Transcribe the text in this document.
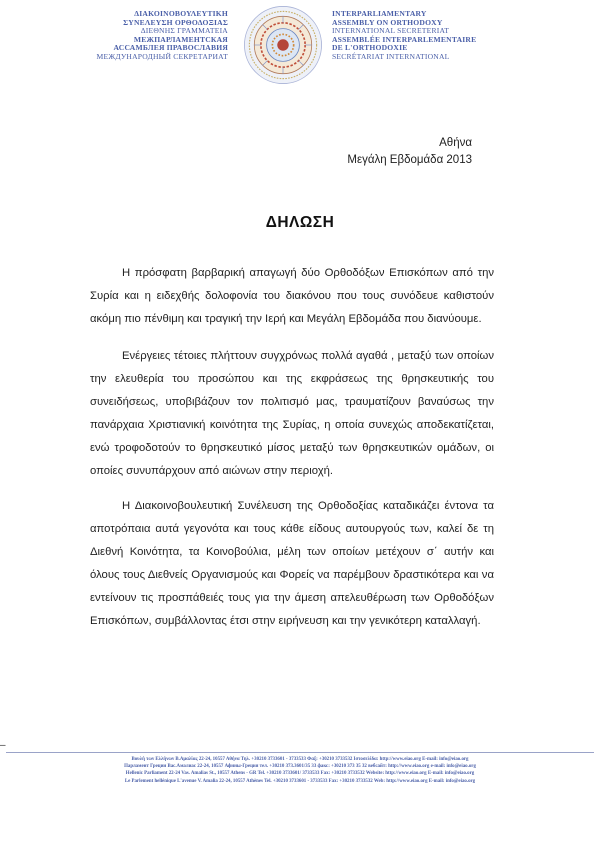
ΔΙΑΚΟΙΝΟΒΟΥΛΕΥΤΙΚΗ
ΣΥΝΕΛΕΥΣΗ ΟΡΘΟΔΟΞΙΑΣ
ΔΙΕΘΝΗΣ ΓΡΑΜΜΑΤΕΙΑ
МЕЖПАРЛАМЕНТСКАЯ
АССАМБЛЕЯ ПРАВОСЛАВИЯ
МЕЖДУНАРОДНЫЙ СЕКРЕТАРИАТ
INTERPARLIAMENTARY
ASSEMBLY ON ORTHODOXY
INTERNATIONAL SECRETERIAT
ASSEMBLÉE INTERPARLEMENTAIRE
DE L'ORTHODOXIE
SECRÉTARIAT INTERNATIONAL
Αθήνα
Μεγάλη Εβδομάδα 2013
ΔΗΛΩΣΗ

Η πρόσφατη βαρβαρική απαγωγή δύο Ορθοδόξων Επισκόπων από την Συρία και η ειδεχθής δολοφονία του διακόνου που τους συνόδευε καθιστούν ακόμη πιο πένθιμη και τραγική την Ιερή και Μεγάλη Εβδομάδα που διανύουμε.

Ενέργειες τέτοιες πλήττουν συγχρόνως πολλά αγαθά , μεταξύ των οποίων την ελευθερία του προσώπου και της εκφράσεως της θρησκευτικής του συνειδήσεως, υποβιβάζουν τον πολιτισμό μας, τραυματίζουν βαναύσως την πανάρχαια Χριστιανική κοινότητα της Συρίας, η οποία συνεχώς αποδεκατίζεται, ενώ τροφοδοτούν το θρησκευτικό μίσος μεταξύ των θρησκευτικών ομάδων, οι οποίες συνυπάρχουν από αιώνων στην περιοχή.

Η Διακοινοβουλευτική Συνέλευση της Ορθοδοξίας καταδικάζει έντονα τα αποτρόπαια αυτά γεγονότα και τους κάθε είδους αυτουργούς των, καλεί δε τη Διεθνή Κοινότητα, τα Κοινοβούλια, μέλη των οποίων μετέχουν σ΄ αυτήν και όλους τους Διεθνείς Οργανισμούς και Φορείς να παρέμβουν δραστικότερα και να εντείνουν τις προσπάθειές τους για την άμεση απελευθέρωση των Ορθοδόξων Επισκόπων, συμβάλλοντας έτσι στην ειρήνευση και την γενικότερη καταλλαγή.

–
Βουλή των Ελλήνων Β.Αμαλίας 22-24, 10557 Αθήνα Τηλ. +30210 3733601 - 3733533 Φαξ: +30210 3733532 Ιστοσελίδα: http://www.eiao.org E-mail: info@eiao.org
Парламент Греции Вас.Амалиас 22-24, 10557 Афины-Греция тел. +30210 373.3601/35 33 факс: +30210 373 35 32 вебсайт: http://www.eiao.org e-mail: info@eiao.org
Hellenic Parliament 22-24 Vas. Amalias St., 10557 Athens - GR Tel. +30210 3733601/ 3733533 Fax: +30210 3733532 Website: http://www.eiao.org E-mail: info@eiao.org
Le Parlement hellénique L'avenue V. Amalia 22-24, 10557 Athènes Tel. +30210 3733601 - 3733533 Fax: +30210 3733532 Web: http://www.eiao.org E-mail: info@eiao.org
